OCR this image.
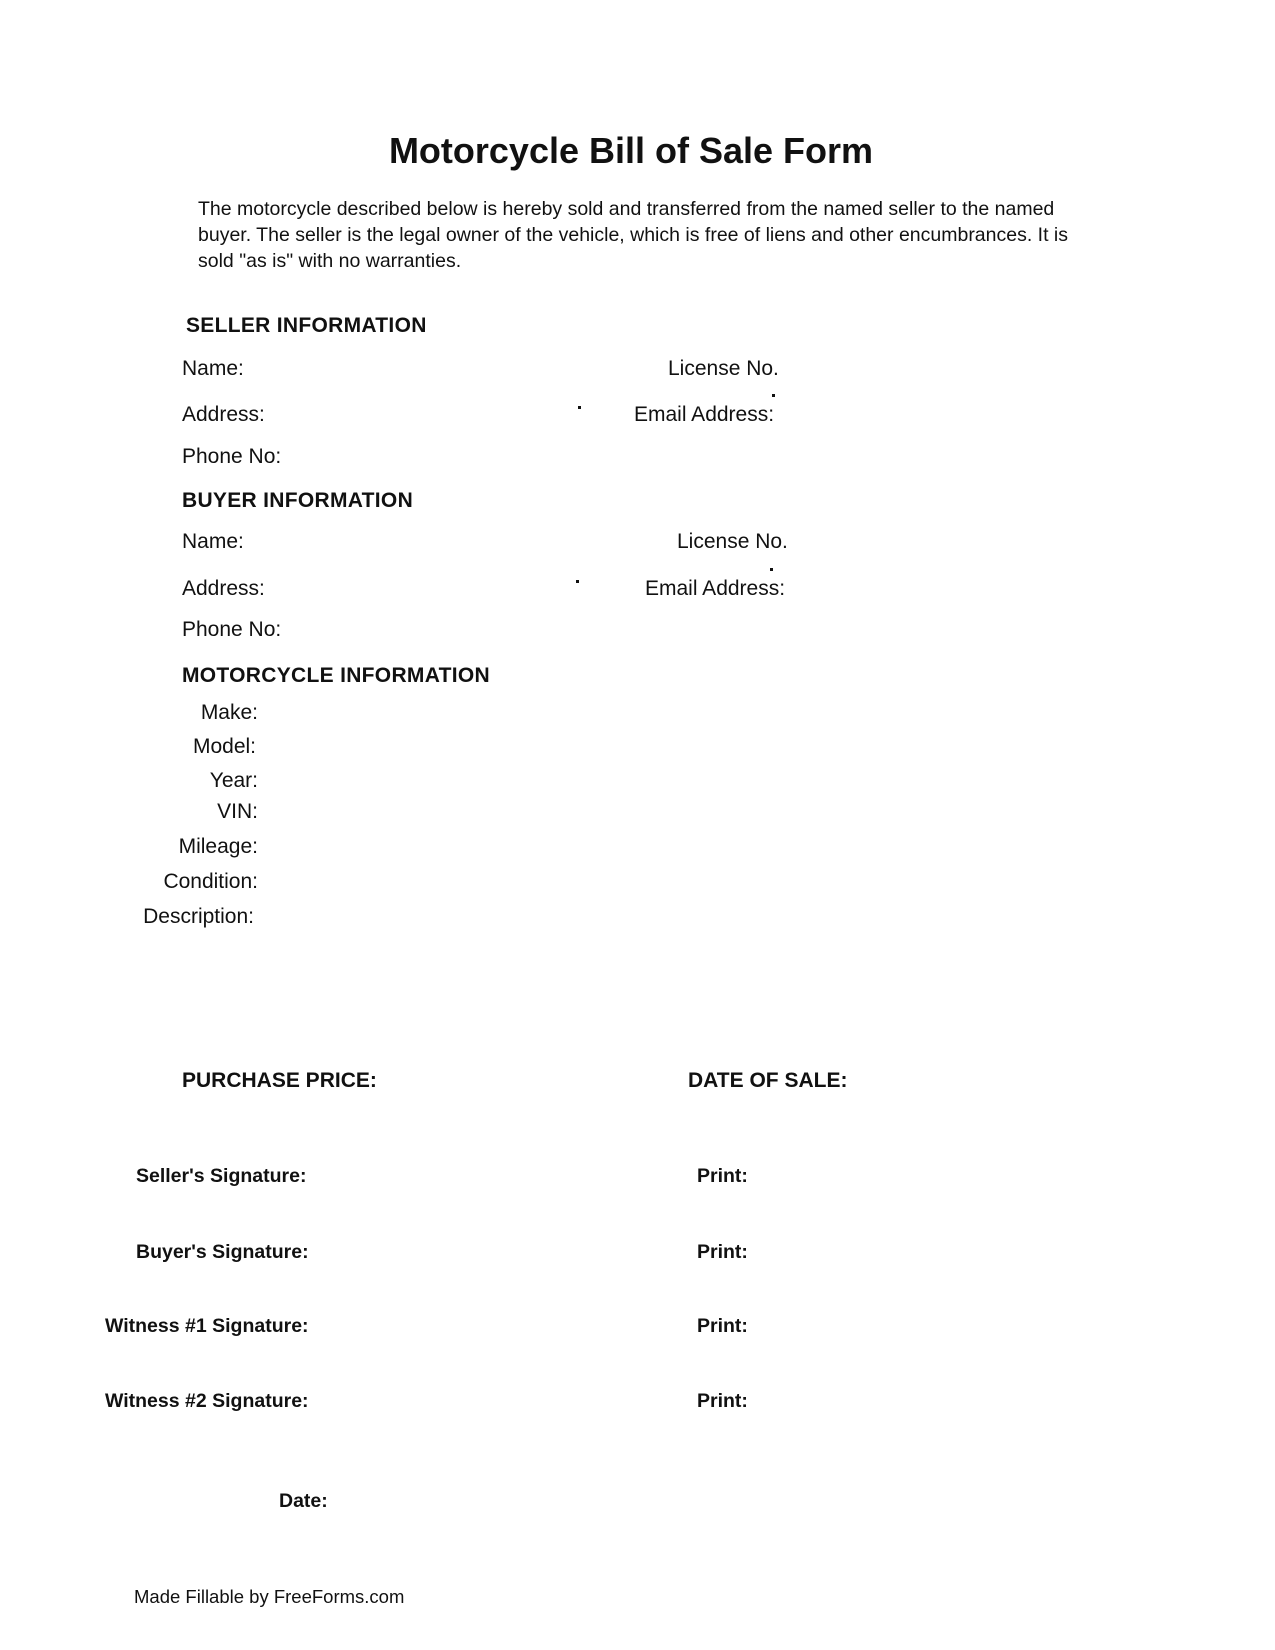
Motorcycle Bill of Sale Form
The motorcycle described below is hereby sold and transferred from the named seller to the named buyer. The seller is the legal owner of the vehicle, which is free of liens and other encumbrances. It is sold "as is" with no warranties.
SELLER INFORMATION
Name:	License No.
Address:	Email Address:
Phone No:
BUYER INFORMATION
Name:	License No.
Address:	Email Address:
Phone No:
MOTORCYCLE INFORMATION
Make:
Model:
Year:
VIN:
Mileage:
Condition:
Description:
PURCHASE PRICE:	DATE OF SALE:
Seller's Signature:	Print:
Buyer's Signature:	Print:
Witness #1 Signature:	Print:
Witness #2 Signature:	Print:
Date:
Made Fillable by FreeForms.com
